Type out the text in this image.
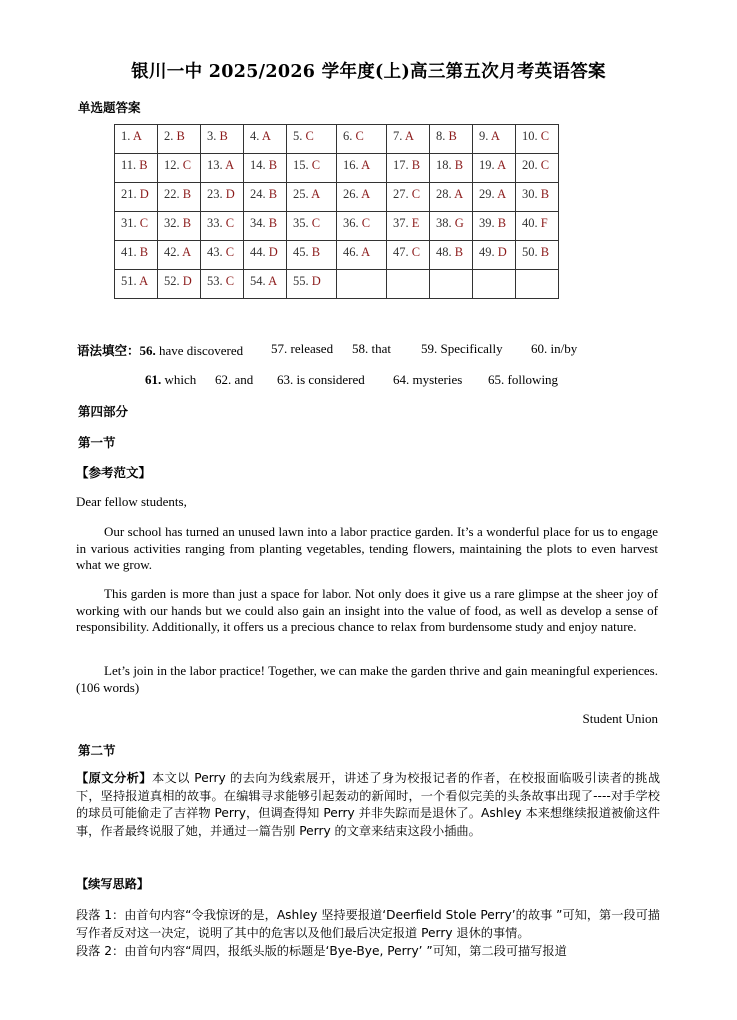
银川一中 2025/2026 学年度(上)高三第五次月考英语答案
单选题答案
1. A	2. B	3. B	4. A	5. C	6. C	7. A	8. B	9. A	10. C
11. B	12. C	13. A	14. B	15. C	16. A	17. B	18. B	19. A	20. C
21. D	22. B	23. D	24. B	25. A	26. A	27. C	28. A	29. A	30. B
31. C	32. B	33. C	34. B	35. C	36. C	37. E	38. G	39. B	40. F
41. B	42. A	43. C	44. D	45. B	46. A	47. C	48. B	49. D	50. B
51. A	52. D	53. C	54. A	55. D					
语法填空：56. have discovered 57. released 58. that 59. Specifically 60. in/by
61. which 62. and 63. is considered 64. mysteries 65. following
第四部分
第一节
【参考范文】
Dear fellow students,
Our school has turned an unused lawn into a labor practice garden. It’s a wonderful place for us to engage in various activities ranging from planting vegetables, tending flowers, maintaining the plots to even harvest what we grow.
This garden is more than just a space for labor. Not only does it give us a rare glimpse at the sheer joy of working with our hands but we could also gain an insight into the value of food, as well as develop a sense of responsibility. Additionally, it offers us a precious chance to relax from burdensome study and enjoy nature.
Let’s join in the labor practice! Together, we can make the garden thrive and gain meaningful experiences.(106 words)
Student Union
第二节
【原文分析】本文以 Perry 的去向为线索展开，讲述了身为校报记者的作者，在校报面临吸引读者的挑战下，坚持报道真相的故事。在编辑寻求能够引起轰动的新闻时，一个看似完美的头条故事出现了----对手学校的球员可能偷走了吉祥物 Perry，但调查得知 Perry 并非失踪而是退休了。Ashley 本来想继续报道被偷这件事，作者最终说服了她，并通过一篇告别 Perry 的文章来结束这段小插曲。
【续写思路】
段落 1：由首句内容“令我惊讶的是，Ashley 坚持要报道‘Deerfield Stole Perry’的故事 ”可知，第一段可描写作者反对这一决定，说明了其中的危害以及他们最后决定报道 Perry 退休的事情。
段落 2：由首句内容“周四，报纸头版的标题是‘Bye-Bye, Perry’ ”可知，第二段可描写报道
